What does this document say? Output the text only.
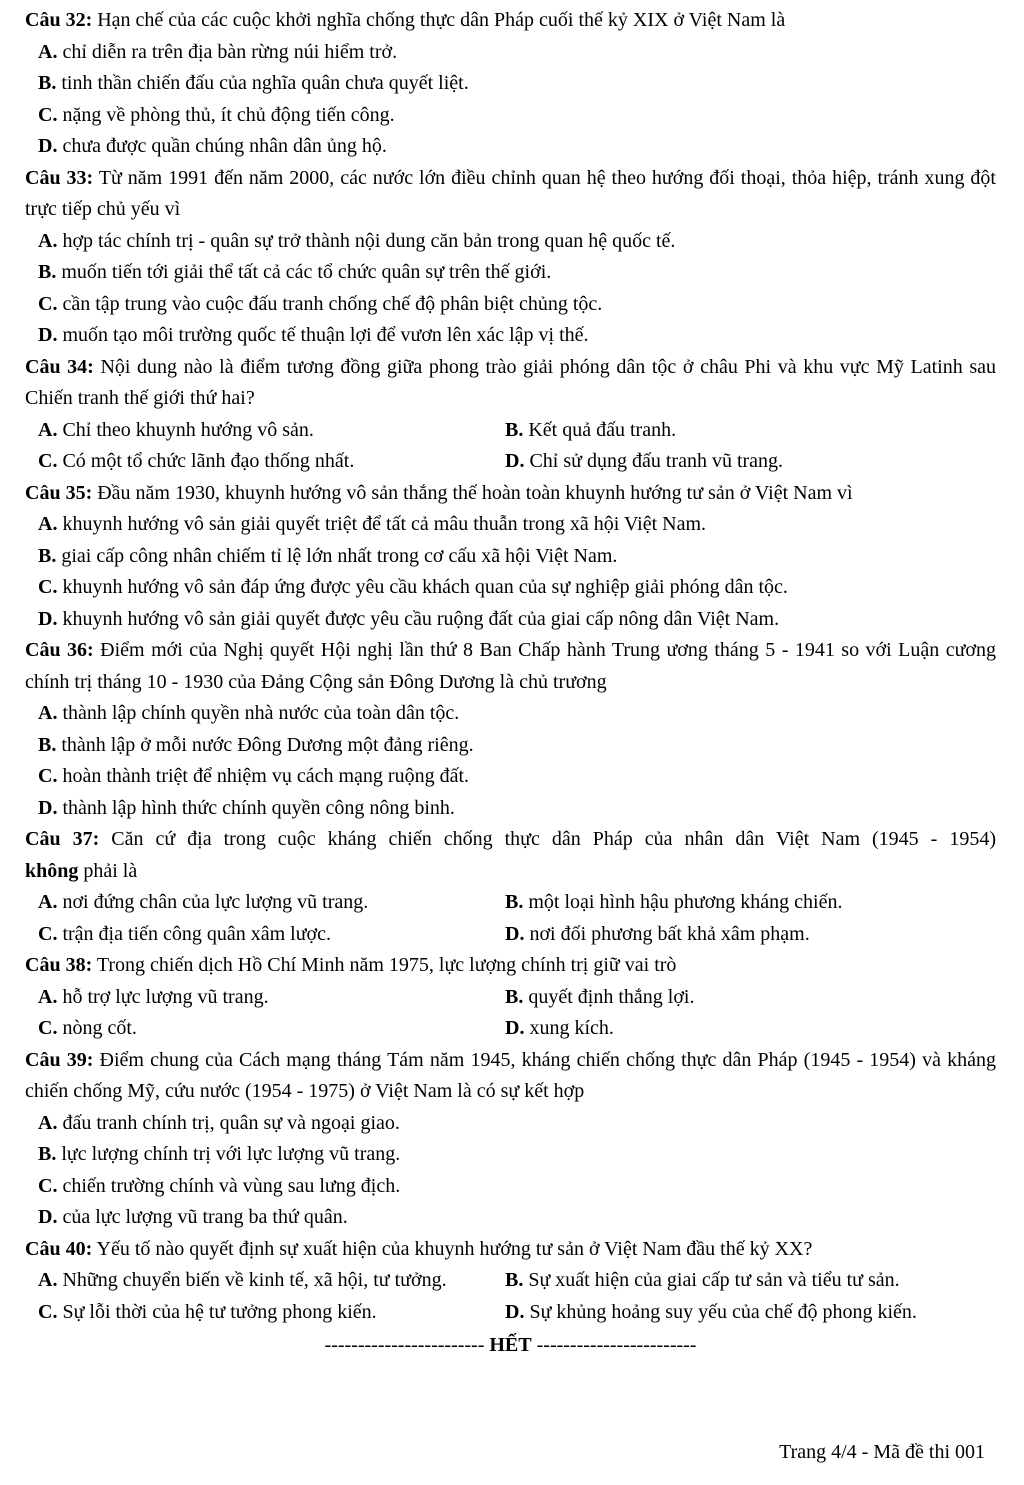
Câu 32: Hạn chế của các cuộc khởi nghĩa chống thực dân Pháp cuối thế kỷ XIX ở Việt Nam là

A. chỉ diễn ra trên địa bàn rừng núi hiểm trở.
B. tinh thần chiến đấu của nghĩa quân chưa quyết liệt.
C. nặng về phòng thủ, ít chủ động tiến công.
D. chưa được quần chúng nhân dân ủng hộ.

Câu 33: Từ năm 1991 đến năm 2000, các nước lớn điều chỉnh quan hệ theo hướng đối thoại, thỏa hiệp, tránh xung đột trực tiếp chủ yếu vì

A. hợp tác chính trị - quân sự trở thành nội dung căn bản trong quan hệ quốc tế.
B. muốn tiến tới giải thể tất cả các tổ chức quân sự trên thế giới.
C. cần tập trung vào cuộc đấu tranh chống chế độ phân biệt chủng tộc.
D. muốn tạo môi trường quốc tế thuận lợi để vươn lên xác lập vị thế.

Câu 34: Nội dung nào là điểm tương đồng giữa phong trào giải phóng dân tộc ở châu Phi và khu vực Mỹ Latinh sau Chiến tranh thế giới thứ hai?

A. Chỉ theo khuynh hướng vô sản.	B. Kết quả đấu tranh.
C. Có một tổ chức lãnh đạo thống nhất.	D. Chỉ sử dụng đấu tranh vũ trang.

Câu 35: Đầu năm 1930, khuynh hướng vô sản thắng thế hoàn toàn khuynh hướng tư sản ở Việt Nam vì

A. khuynh hướng vô sản giải quyết triệt để tất cả mâu thuẫn trong xã hội Việt Nam.
B. giai cấp công nhân chiếm tỉ lệ lớn nhất trong cơ cấu xã hội Việt Nam.
C. khuynh hướng vô sản đáp ứng được yêu cầu khách quan của sự nghiệp giải phóng dân tộc.
D. khuynh hướng vô sản giải quyết được yêu cầu ruộng đất của giai cấp nông dân Việt Nam.

Câu 36: Điểm mới của Nghị quyết Hội nghị lần thứ 8 Ban Chấp hành Trung ương tháng 5 - 1941 so với Luận cương chính trị tháng 10 - 1930 của Đảng Cộng sản Đông Dương là chủ trương

A. thành lập chính quyền nhà nước của toàn dân tộc.
B. thành lập ở mỗi nước Đông Dương một đảng riêng.
C. hoàn thành triệt để nhiệm vụ cách mạng ruộng đất.
D. thành lập hình thức chính quyền công nông binh.

Câu 37: Căn cứ địa trong cuộc kháng chiến chống thực dân Pháp của nhân dân Việt Nam (1945 - 1954)

không phải là

A. nơi đứng chân của lực lượng vũ trang.	B. một loại hình hậu phương kháng chiến.
C. trận địa tiến công quân xâm lược.	D. nơi đối phương bất khả xâm phạm.

Câu 38: Trong chiến dịch Hồ Chí Minh năm 1975, lực lượng chính trị giữ vai trò

A. hỗ trợ lực lượng vũ trang.	B. quyết định thắng lợi.
C. nòng cốt.	D. xung kích.

Câu 39: Điểm chung của Cách mạng tháng Tám năm 1945, kháng chiến chống thực dân Pháp (1945 - 1954) và kháng chiến chống Mỹ, cứu nước (1954 - 1975) ở Việt Nam là có sự kết hợp

A. đấu tranh chính trị, quân sự và ngoại giao.
B. lực lượng chính trị với lực lượng vũ trang.
C. chiến trường chính và vùng sau lưng địch.
D. của lực lượng vũ trang ba thứ quân.

Câu 40: Yếu tố nào quyết định sự xuất hiện của khuynh hướng tư sản ở Việt Nam đầu thế kỷ XX?

A. Những chuyển biến về kinh tế, xã hội, tư tưởng.	B. Sự xuất hiện của giai cấp tư sản và tiểu tư sản.
C. Sự lỗi thời của hệ tư tưởng phong kiến.	D. Sự khủng hoảng suy yếu của chế độ phong kiến.
------------------------ HẾT ------------------------
Trang 4/4 - Mã đề thi 001
